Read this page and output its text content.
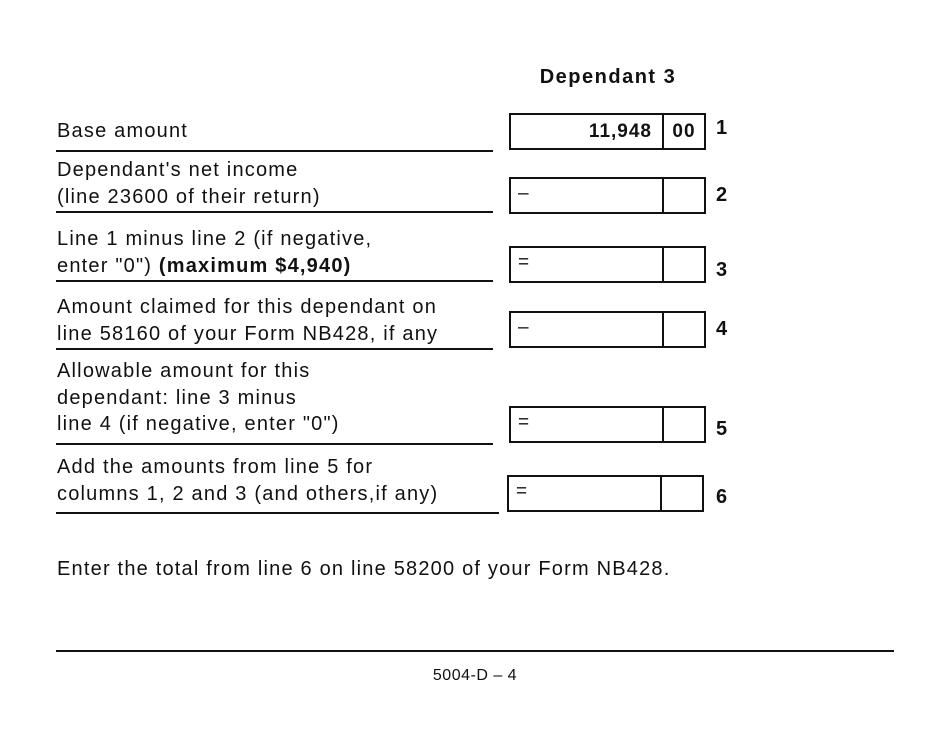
Dependant 3
Base amount	11,948	00	1
Dependant's net income
(line 23600 of their return)	–	2
Line 1 minus line 2 (if negative,
enter "0") (maximum $4,940)	=	3
Amount claimed for this dependant on
line 58160 of your Form NB428, if any	–	4
Allowable amount for this
dependant: line 3 minus
line 4 (if negative, enter "0")	=	5
Add the amounts from line 5 for
columns 1, 2 and 3 (and others,if any)	=	6
Enter the total from line 6 on line 58200 of your Form NB428.
5004-D – 4
